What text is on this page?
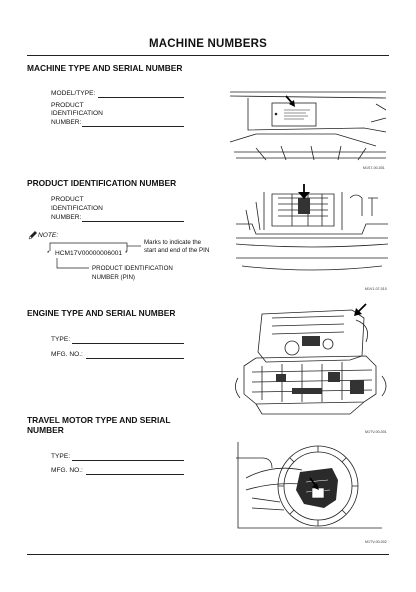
MACHINE NUMBERS
MACHINE TYPE AND SERIAL NUMBER
MODEL/TYPE:
PRODUCT
IDENTIFICATION
NUMBER:
M1S7-00-001
PRODUCT IDENTIFICATION NUMBER
PRODUCT
IDENTIFICATION
NUMBER:
NOTE:
*	*
HCM17V00000006001
Marks to indicate the
start and end of the PIN
PRODUCT IDENTIFICATION
NUMBER (PIN)
M1V1-07-010
ENGINE TYPE AND SERIAL NUMBER
TYPE:
MFG. NO.:
M1TV-00-001
TRAVEL MOTOR TYPE AND SERIAL
NUMBER
TYPE:
MFG. NO.:
M1TV-00-002
